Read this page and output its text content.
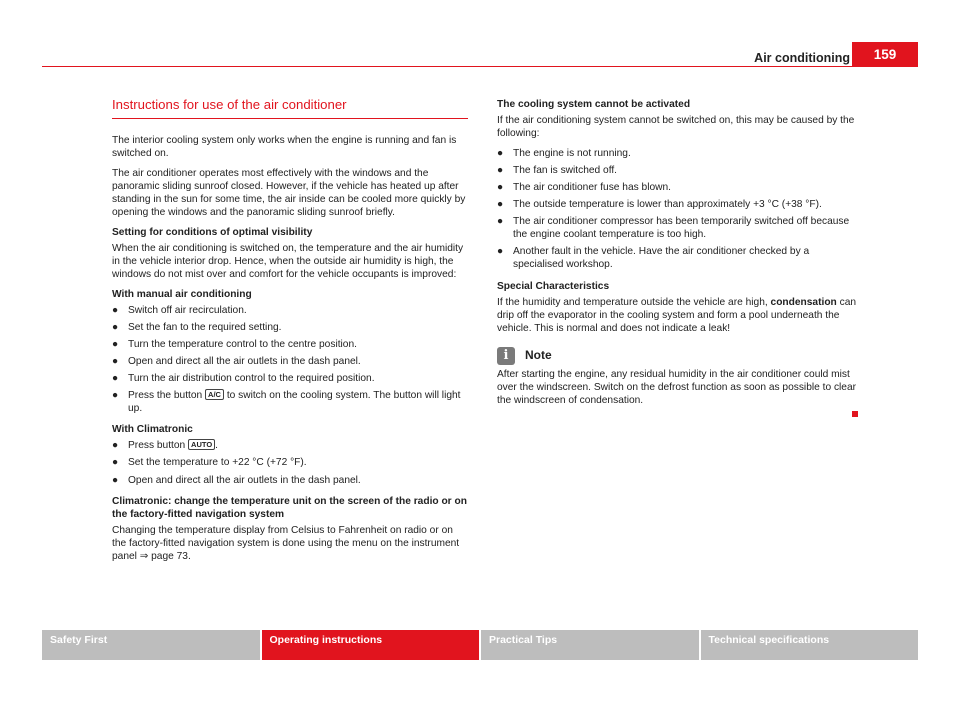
Air conditioning	159
Instructions for use of the air conditioner

The interior cooling system only works when the engine is running and fan is switched on.

The air conditioner operates most effectively with the windows and the panoramic sliding sunroof closed. However, if the vehicle has heated up after standing in the sun for some time, the air inside can be cooled more quickly by opening the windows and the panoramic sliding sunroof briefly.

Setting for conditions of optimal visibility

When the air conditioning is switched on, the temperature and the air humidity in the vehicle interior drop. Hence, when the outside air humidity is high, the windows do not mist over and comfort for the vehicle occupants is improved:

With manual air conditioning
● Switch off air recirculation.
● Set the fan to the required setting.
● Turn the temperature control to the centre position.
● Open and direct all the air outlets in the dash panel.
● Turn the air distribution control to the required position.
● Press the button A/C to switch on the cooling system. The button will light up.
With Climatronic
● Press button AUTO .
● Set the temperature to +22 °C (+72 °F).
● Open and direct all the air outlets in the dash panel.
Climatronic: change the temperature unit on the screen of the radio or on the factory-fitted navigation system

Changing the temperature display from Celsius to Fahrenheit on radio or on the factory-fitted navigation system is done using the menu on the instrument panel ⇒ page 73.

The cooling system cannot be activated

If the air conditioning system cannot be switched on, this may be caused by the following:

● The engine is not running.
● The fan is switched off.
● The air conditioner fuse has blown.
● The outside temperature is lower than approximately +3 °C (+38 °F).
● The air conditioner compressor has been temporarily switched off because the engine coolant temperature is too high.
● Another fault in the vehicle. Have the air conditioner checked by a specialised workshop.
Special Characteristics

If the humidity and temperature outside the vehicle are high, condensation can drip off the evaporator in the cooling system and form a pool underneath the vehicle. This is normal and does not indicate a leak!

i	Note

After starting the engine, any residual humidity in the air conditioner could mist over the windscreen. Switch on the defrost function as soon as possible to clear the windscreen of condensation.

Safety First	Operating instructions	Practical Tips	Technical specifications
